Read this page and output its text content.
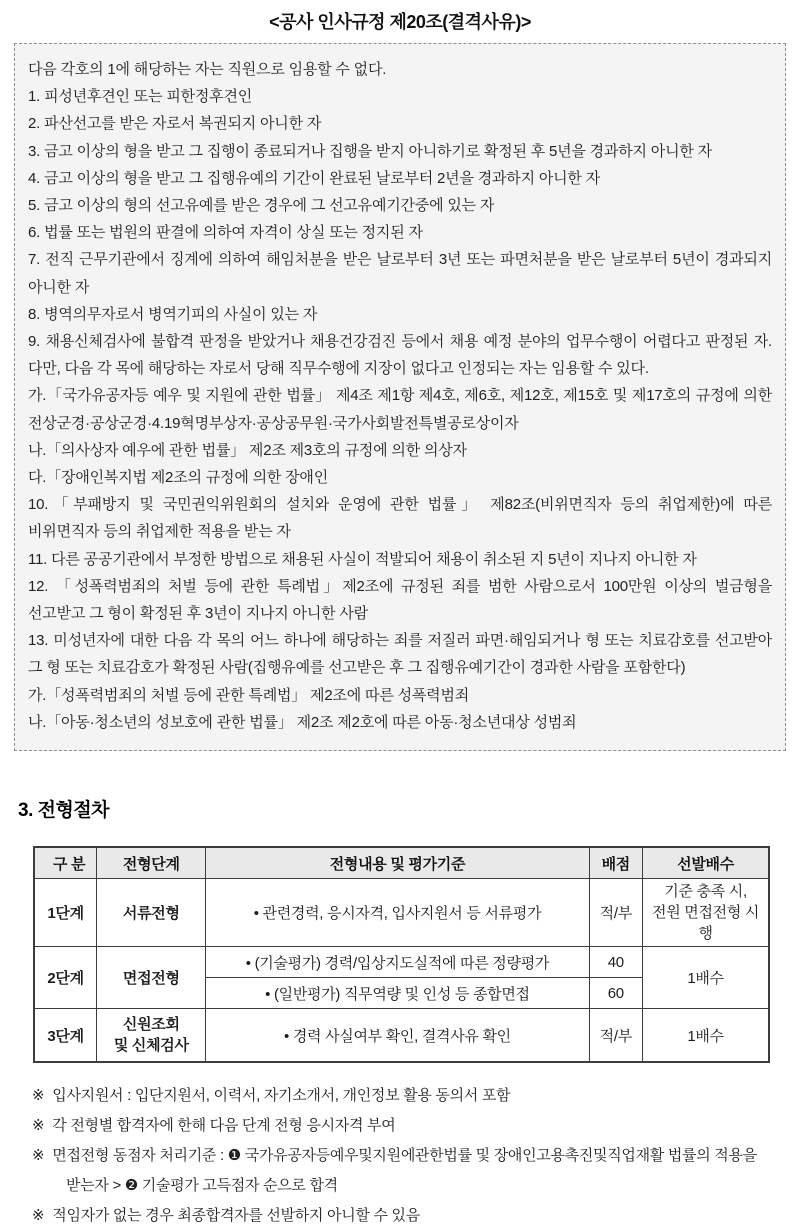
<공사 인사규정 제20조(결격사유)>

다음 각호의 1에 해당하는 자는 직원으로 임용할 수 없다.

1. 피성년후견인 또는 피한정후견인

2. 파산선고를 받은 자로서 복권되지 아니한 자

3. 금고 이상의 형을 받고 그 집행이 종료되거나 집행을 받지 아니하기로 확정된 후 5년을 경과하지 아니한 자

4. 금고 이상의 형을 받고 그 집행유예의 기간이 완료된 날로부터 2년을 경과하지 아니한 자

5. 금고 이상의 형의 선고유예를 받은 경우에 그 선고유예기간중에 있는 자

6. 법률 또는 법원의 판결에 의하여 자격이 상실 또는 정지된 자

7. 전직 근무기관에서 징계에 의하여 해임처분을 받은 날로부터 3년 또는 파면처분을 받은 날로부터 5년이 경과되지 아니한 자

8. 병역의무자로서 병역기피의 사실이 있는 자

9. 채용신체검사에 불합격 판정을 받았거나 채용건강검진 등에서 채용 예정 분야의 업무수행이 어렵다고 판정된 자. 다만, 다음 각 목에 해당하는 자로서 당해 직무수행에 지장이 없다고 인정되는 자는 임용할 수 있다.

가.「국가유공자등 예우 및 지원에 관한 법률」 제4조 제1항 제4호, 제6호, 제12호, 제15호 및 제17호의 규정에 의한 전상군경·공상군경·4.19혁명부상자·공상공무원·국가사회발전특별공로상이자

나.「의사상자 예우에 관한 법률」 제2조 제3호의 규정에 의한 의상자

다.「장애인복지법 제2조의 규정에 의한 장애인

10.「부패방지 및 국민권익위원회의 설치와 운영에 관한 법률」 제82조(비위면직자 등의 취업제한)에 따른 비위면직자 등의 취업제한 적용을 받는 자

11. 다른 공공기관에서 부정한 방법으로 채용된 사실이 적발되어 채용이 취소된 지 5년이 지나지 아니한 자

12. 「성폭력범죄의 처벌 등에 관한 특례법」제2조에 규정된 죄를 범한 사람으로서 100만원 이상의 벌금형을 선고받고 그 형이 확정된 후 3년이 지나지 아니한 사람

13. 미성년자에 대한 다음 각 목의 어느 하나에 해당하는 죄를 저질러 파면·해임되거나 형 또는 치료감호를 선고받아 그 형 또는 치료감호가 확정된 사람(집행유예를 선고받은 후 그 집행유예기간이 경과한 사람을 포함한다)

가.「성폭력범죄의 처벌 등에 관한 특례법」 제2조에 따른 성폭력범죄

나.「아동·청소년의 성보호에 관한 법률」 제2조 제2호에 따른 아동·청소년대상 성범죄

3. 전형절차
구 분	전형단계	전형내용 및 평가기준	배점	선발배수
1단계	서류전형	• 관련경력, 응시자격, 입사지원서 등 서류평가	적/부	기준 충족 시,
전원 면접전형 시행

2단계	면접전형	• (기술평가) 경력/입상지도실적에 따른 정량평가	40	1배수
		• (일반평가) 직무역량 및 인성 등 종합면접	60	
3단계	신원조회
및 신체검사	• 경력 사실여부 확인, 결격사유 확인	적/부	1배수

※ 입사지원서 : 입단지원서, 이력서, 자기소개서, 개인정보 활용 동의서 포함

※ 각 전형별 합격자에 한해 다음 단계 전형 응시자격 부여

※ 면접전형 동점자 처리기준 : ❶ 국가유공자등예우및지원에관한법률 및 장애인고용촉진및직업재활 법률의 적용을 받는자 > ❷ 기술평가 고득점자 순으로 합격

※ 적임자가 없는 경우 최종합격자를 선발하지 아니할 수 있음
